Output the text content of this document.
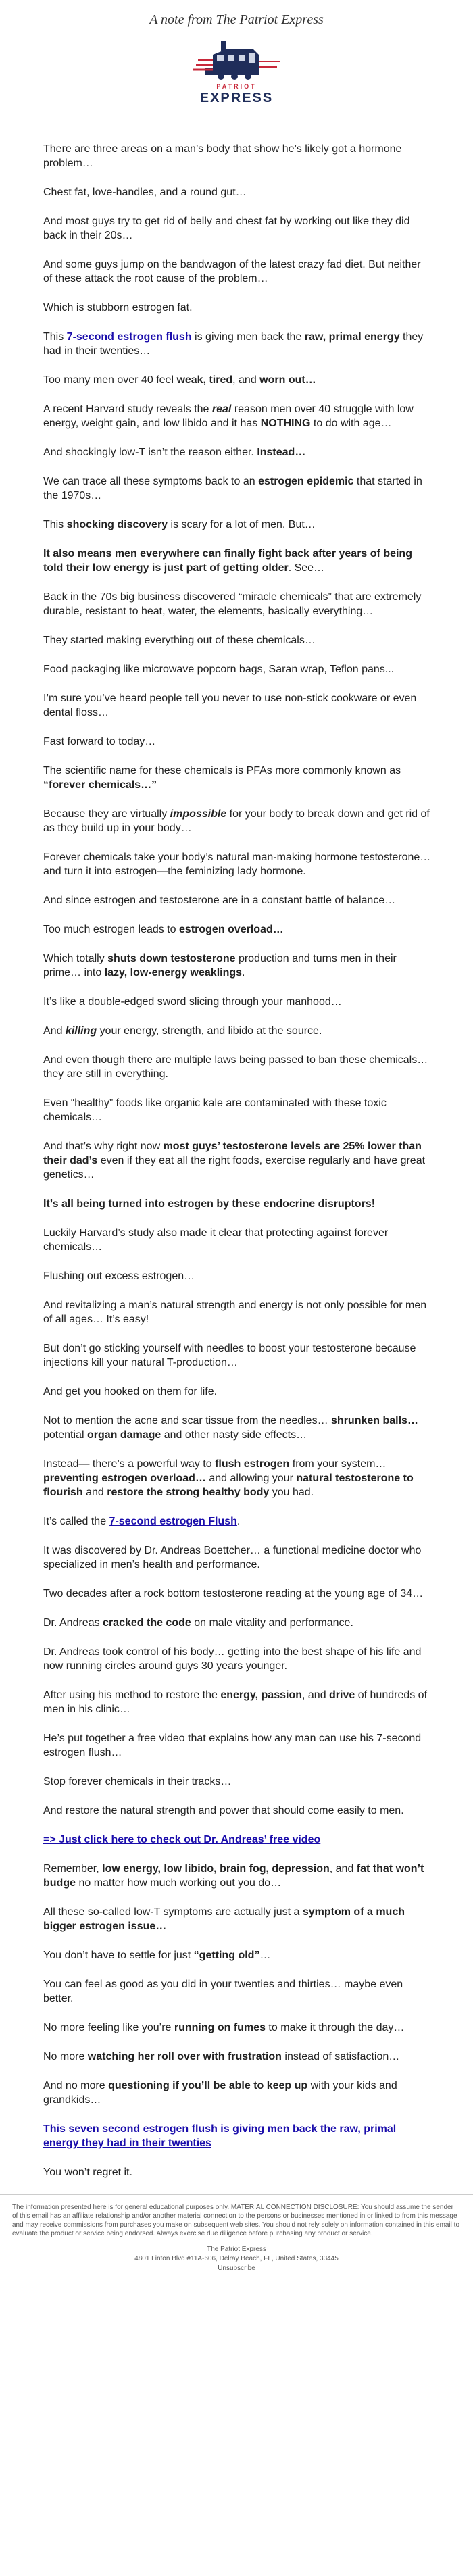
A note from The Patriot Express

PATRIOT
EXPRESS

There are three areas on a man’s body that show he’s likely got a hormone problem…

Chest fat, love-handles, and a round gut…

And most guys try to get rid of belly and chest fat by working out like they did back in their 20s…

And some guys jump on the bandwagon of the latest crazy fad diet. But neither of these attack the root cause of the problem…

Which is stubborn estrogen fat.

This 7-second estrogen flush is giving men back the raw, primal energy they had in their twenties…

Too many men over 40 feel weak, tired, and worn out…

A recent Harvard study reveals the real reason men over 40 struggle with low energy, weight gain, and low libido and it has NOTHING to do with age…

And shockingly low-T isn’t the reason either. Instead…

We can trace all these symptoms back to an estrogen epidemic that started in the 1970s…

This shocking discovery is scary for a lot of men. But…

It also means men everywhere can finally fight back after years of being told their low energy is just part of getting older. See…

Back in the 70s big business discovered “miracle chemicals” that are extremely durable, resistant to heat, water, the elements, basically everything…

They started making everything out of these chemicals…

Food packaging like microwave popcorn bags, Saran wrap, Teflon pans...

I’m sure you’ve heard people tell you never to use non-stick cookware or even dental floss…

Fast forward to today…

The scientific name for these chemicals is PFAs more commonly known as “forever chemicals…”

Because they are virtually impossible for your body to break down and get rid of as they build up in your body…

Forever chemicals take your body’s natural man-making hormone testosterone… and turn it into estrogen—the feminizing lady hormone.

And since estrogen and testosterone are in a constant battle of balance…

Too much estrogen leads to estrogen overload…

Which totally shuts down testosterone production and turns men in their prime… into lazy, low-energy weaklings.

It’s like a double-edged sword slicing through your manhood…

And killing your energy, strength, and libido at the source.

And even though there are multiple laws being passed to ban these chemicals… they are still in everything.

Even “healthy” foods like organic kale are contaminated with these toxic chemicals…

And that’s why right now most guys’ testosterone levels are 25% lower than their dad’s even if they eat all the right foods, exercise regularly and have great genetics…

It’s all being turned into estrogen by these endocrine disruptors!

Luckily Harvard’s study also made it clear that protecting against forever chemicals…

Flushing out excess estrogen…

And revitalizing a man’s natural strength and energy is not only possible for men of all ages… It’s easy!

But don’t go sticking yourself with needles to boost your testosterone because injections kill your natural T-production…

And get you hooked on them for life.

Not to mention the acne and scar tissue from the needles… shrunken balls… potential organ damage and other nasty side effects…

Instead— there’s a powerful way to flush estrogen from your system… preventing estrogen overload… and allowing your natural testosterone to flourish and restore the strong healthy body you had.

It’s called the 7-second estrogen Flush.

It was discovered by Dr. Andreas Boettcher… a functional medicine doctor who specialized in men’s health and performance.

Two decades after a rock bottom testosterone reading at the young age of 34…

Dr. Andreas cracked the code on male vitality and performance.

Dr. Andreas took control of his body… getting into the best shape of his life and now running circles around guys 30 years younger.

After using his method to restore the energy, passion, and drive of hundreds of men in his clinic…

He’s put together a free video that explains how any man can use his 7-second estrogen flush…

Stop forever chemicals in their tracks…

And restore the natural strength and power that should come easily to men.

=> Just click here to check out Dr. Andreas’ free video

Remember, low energy, low libido, brain fog, depression, and fat that won’t budge no matter how much working out you do…

All these so-called low-T symptoms are actually just a symptom of a much bigger estrogen issue…

You don’t have to settle for just “getting old”…

You can feel as good as you did in your twenties and thirties… maybe even better.

No more feeling like you’re running on fumes to make it through the day…

No more watching her roll over with frustration instead of satisfaction…

And no more questioning if you’ll be able to keep up with your kids and grandkids…

This seven second estrogen flush is giving men back the raw, primal energy they had in their twenties

You won’t regret it.

The information presented here is for general educational purposes only. MATERIAL CONNECTION DISCLOSURE: You should assume the sender of this email has an affiliate relationship and/or another material connection to the persons or businesses mentioned in or linked to from this message and may receive commissions from purchases you make on subsequent web sites. You should not rely solely on information contained in this email to evaluate the product or service being endorsed. Always exercise due diligence before purchasing any product or service.
The Patriot Express
4801 Linton Blvd #11A-606, Delray Beach, FL, United States, 33445
Unsubscribe
